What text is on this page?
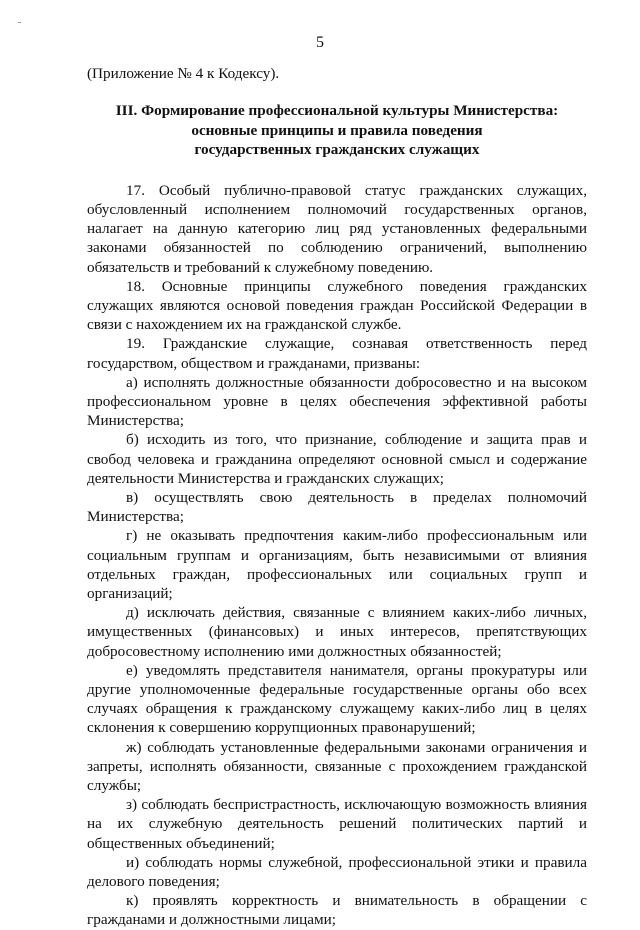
5

(Приложение № 4 к Кодексу).

III. Формирование профессиональной культуры Министерства:
основные принципы и правила поведения
государственных гражданских служащих

17. Особый публично-правовой статус гражданских служащих, обусловленный исполнением полномочий государственных органов, налагает на данную категорию лиц ряд установленных федеральными законами обязанностей по соблюдению ограничений, выполнению обязательств и требований к служебному поведению.

18. Основные принципы служебного поведения гражданских служащих являются основой поведения граждан Российской Федерации в связи с нахождением их на гражданской службе.

19. Гражданские служащие, сознавая ответственность перед государством, обществом и гражданами, призваны:

а) исполнять должностные обязанности добросовестно и на высоком профессиональном уровне в целях обеспечения эффективной работы Министерства;

б) исходить из того, что признание, соблюдение и защита прав и свобод человека и гражданина определяют основной смысл и содержание деятельности Министерства и гражданских служащих;

в) осуществлять свою деятельность в пределах полномочий Министерства;

г) не оказывать предпочтения каким-либо профессиональным или социальным группам и организациям, быть независимыми от влияния отдельных граждан, профессиональных или социальных групп и организаций;

д) исключать действия, связанные с влиянием каких-либо личных, имущественных (финансовых) и иных интересов, препятствующих добросовестному исполнению ими должностных обязанностей;

е) уведомлять представителя нанимателя, органы прокуратуры или другие уполномоченные федеральные государственные органы обо всех случаях обращения к гражданскому служащему каких-либо лиц в целях склонения к совершению коррупционных правонарушений;

ж) соблюдать установленные федеральными законами ограничения и запреты, исполнять обязанности, связанные с прохождением гражданской службы;

з) соблюдать беспристрастность, исключающую возможность влияния на их служебную деятельность решений политических партий и общественных объединений;

и) соблюдать нормы служебной, профессиональной этики и правила делового поведения;

к) проявлять корректность и внимательность в обращении с гражданами и должностными лицами;
